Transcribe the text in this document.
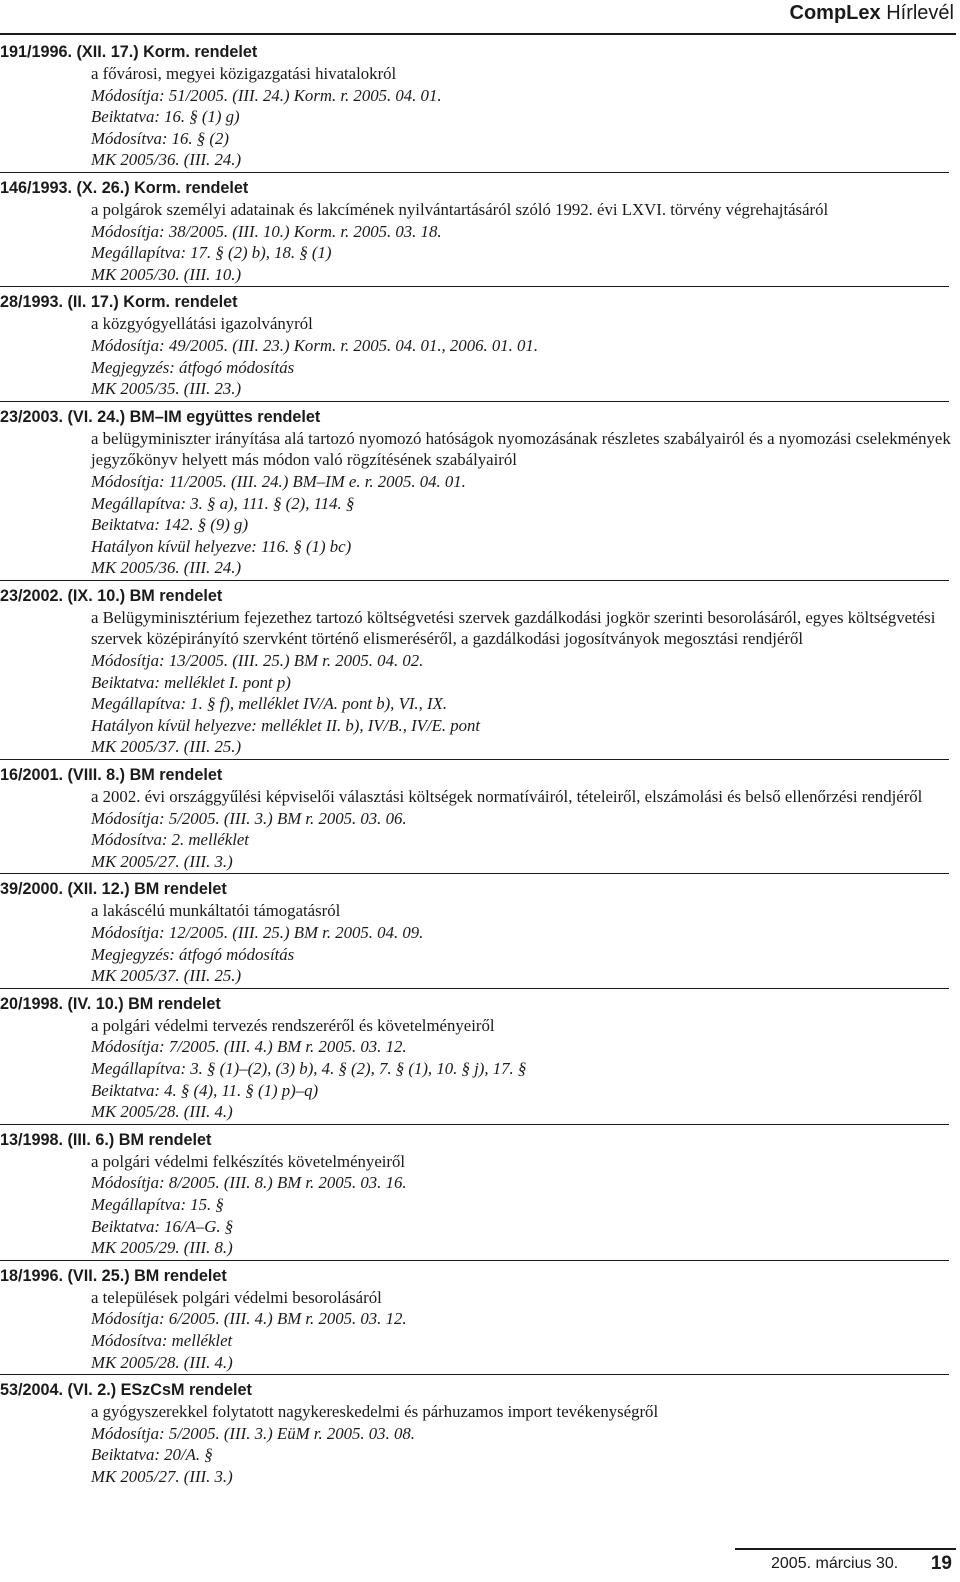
CompLex Hírlevél
191/1996. (XII. 17.) Korm. rendelet
a fővárosi, megyei közigazgatási hivatalokról
Módosítja: 51/2005. (III. 24.) Korm. r. 2005. 04. 01.
Beiktatva: 16. § (1) g)
Módosítva: 16. § (2)
MK 2005/36. (III. 24.)
146/1993. (X. 26.) Korm. rendelet
a polgárok személyi adatainak és lakcímének nyilvántartásáról szóló 1992. évi LXVI. törvény végrehajtásáról
Módosítja: 38/2005. (III. 10.) Korm. r. 2005. 03. 18.
Megállapítva: 17. § (2) b), 18. § (1)
MK 2005/30. (III. 10.)
28/1993. (II. 17.) Korm. rendelet
a közgyógyellátási igazolványról
Módosítja: 49/2005. (III. 23.) Korm. r. 2005. 04. 01., 2006. 01. 01.
Megjegyzés: átfogó módosítás
MK 2005/35. (III. 23.)
23/2003. (VI. 24.) BM–IM együttes rendelet
a belügyminiszter irányítása alá tartozó nyomozó hatóságok nyomozásának részletes szabályairól és a nyomozási cselekmények jegyzőkönyv helyett más módon való rögzítésének szabályairól
Módosítja: 11/2005. (III. 24.) BM–IM e. r. 2005. 04. 01.
Megállapítva: 3. § a), 111. § (2), 114. §
Beiktatva: 142. § (9) g)
Hatályon kívül helyezve: 116. § (1) bc)
MK 2005/36. (III. 24.)
23/2002. (IX. 10.) BM rendelet
a Belügyminisztérium fejezethez tartozó költségvetési szervek gazdálkodási jogkör szerinti besorolásáról, egyes költségvetési szervek középirányító szervként történő elismeréséről, a gazdálkodási jogosítványok megosztási rendjéről
Módosítja: 13/2005. (III. 25.) BM r. 2005. 04. 02.
Beiktatva: melléklet I. pont p)
Megállapítva: 1. § f), melléklet IV/A. pont b), VI., IX.
Hatályon kívül helyezve: melléklet II. b), IV/B., IV/E. pont
MK 2005/37. (III. 25.)
16/2001. (VIII. 8.) BM rendelet
a 2002. évi országgyűlési képviselői választási költségek normatíváiról, tételeiről, elszámolási és belső ellenőrzési rendjéről
Módosítja: 5/2005. (III. 3.) BM r. 2005. 03. 06.
Módosítva: 2. melléklet
MK 2005/27. (III. 3.)
39/2000. (XII. 12.) BM rendelet
a lakáscélú munkáltatói támogatásról
Módosítja: 12/2005. (III. 25.) BM r. 2005. 04. 09.
Megjegyzés: átfogó módosítás
MK 2005/37. (III. 25.)
20/1998. (IV. 10.) BM rendelet
a polgári védelmi tervezés rendszeréről és követelményeiről
Módosítja: 7/2005. (III. 4.) BM r. 2005. 03. 12.
Megállapítva: 3. § (1)–(2), (3) b), 4. § (2), 7. § (1), 10. § j), 17. §
Beiktatva: 4. § (4), 11. § (1) p)–q)
MK 2005/28. (III. 4.)
13/1998. (III. 6.) BM rendelet
a polgári védelmi felkészítés követelményeiről
Módosítja: 8/2005. (III. 8.) BM r. 2005. 03. 16.
Megállapítva: 15. §
Beiktatva: 16/A–G. §
MK 2005/29. (III. 8.)
18/1996. (VII. 25.) BM rendelet
a települések polgári védelmi besorolásáról
Módosítja: 6/2005. (III. 4.) BM r. 2005. 03. 12.
Módosítva: melléklet
MK 2005/28. (III. 4.)
53/2004. (VI. 2.) ESzCsM rendelet
a gyógyszerekkel folytatott nagykereskedelmi és párhuzamos import tevékenységről
Módosítja: 5/2005. (III. 3.) EüM r. 2005. 03. 08.
Beiktatva: 20/A. §
MK 2005/27. (III. 3.)
2005. március 30. 19
